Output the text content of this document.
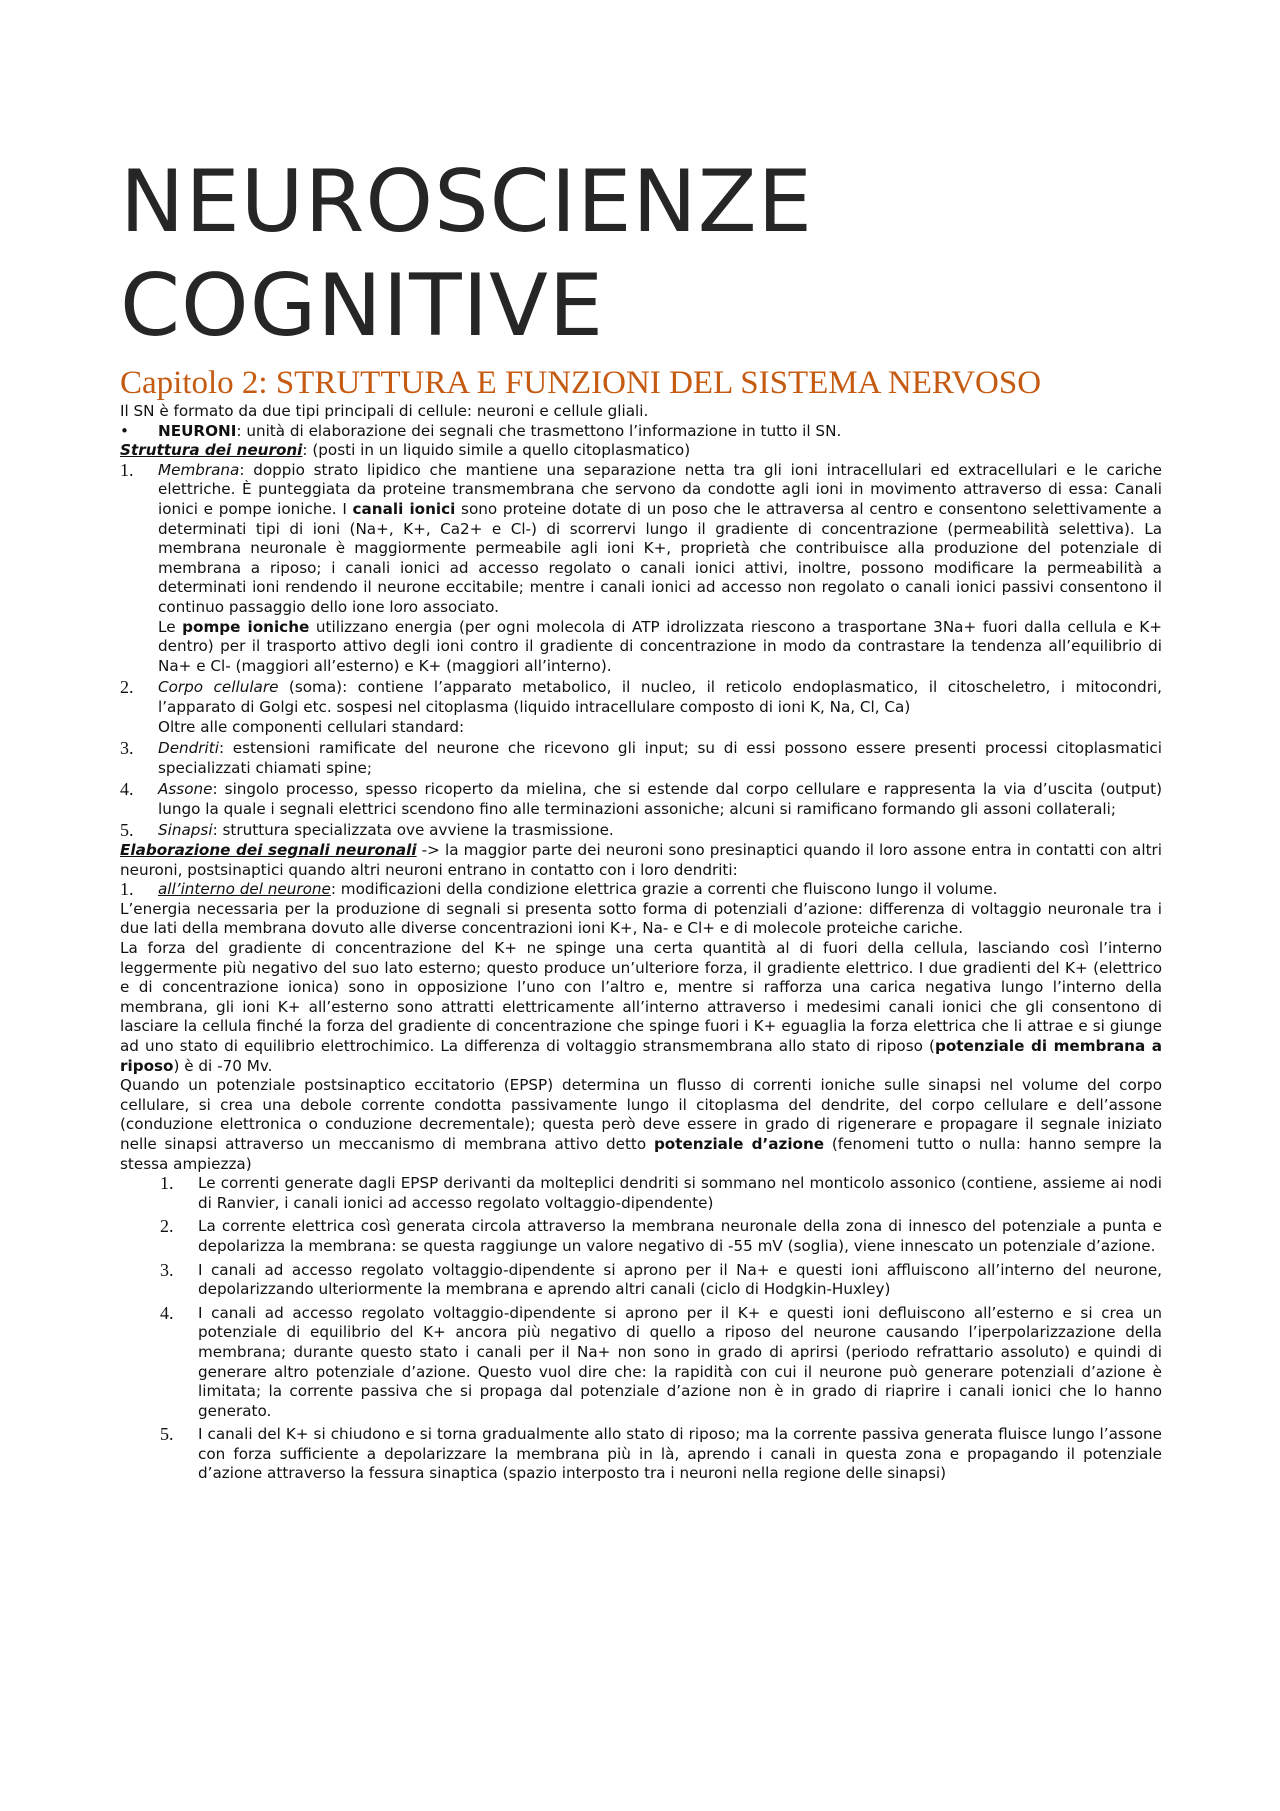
NEUROSCIENZE
COGNITIVE
Capitolo 2: STRUTTURA E FUNZIONI DEL SISTEMA NERVOSO

Il SN è formato da due tipi principali di cellule: neuroni e cellule gliali.

•	NEURONI: unità di elaborazione dei segnali che trasmettono l’informazione in tutto il SN.

Struttura dei neuroni: (posti in un liquido simile a quello citoplasmatico)

1.	Membrana: doppio strato lipidico che mantiene una separazione netta tra gli ioni intracellulari ed extracellulari e le cariche elettriche. È punteggiata da proteine transmembrana che servono da condotte agli ioni in movimento attraverso di essa: Canali ionici e pompe ioniche. I canali ionici sono proteine dotate di un poso che le attraversa al centro e consentono selettivamente a determinati tipi di ioni (Na+, K+, Ca2+ e Cl-) di scorrervi lungo il gradiente di concentrazione (permeabilità selettiva). La membrana neuronale è maggiormente permeabile agli ioni K+, proprietà che contribuisce alla produzione del potenziale di membrana a riposo; i canali ionici ad accesso regolato o canali ionici attivi, inoltre, possono modificare la permeabilità a determinati ioni rendendo il neurone eccitabile; mentre i canali ionici ad accesso non regolato o canali ionici passivi consentono il continuo passaggio dello ione loro associato.

Le pompe ioniche utilizzano energia (per ogni molecola di ATP idrolizzata riescono a trasportane 3Na+ fuori dalla cellula e K+ dentro) per il trasporto attivo degli ioni contro il gradiente di concentrazione in modo da contrastare la tendenza all’equilibrio di Na+ e Cl- (maggiori all’esterno) e K+ (maggiori all’interno).

2.	Corpo cellulare (soma): contiene l’apparato metabolico, il nucleo, il reticolo endoplasmatico, il citoscheletro, i mitocondri, l’apparato di Golgi etc. sospesi nel citoplasma (liquido intracellulare composto di ioni K, Na, Cl, Ca)

Oltre alle componenti cellulari standard:

3.	Dendriti: estensioni ramificate del neurone che ricevono gli input; su di essi possono essere presenti processi citoplasmatici specializzati chiamati spine;

4.	Assone: singolo processo, spesso ricoperto da mielina, che si estende dal corpo cellulare e rappresenta la via d’uscita (output) lungo la quale i segnali elettrici scendono fino alle terminazioni assoniche; alcuni si ramificano formando gli assoni collaterali;

5.	Sinapsi: struttura specializzata ove avviene la trasmissione.

Elaborazione dei segnali neuronali -> la maggior parte dei neuroni sono presinaptici quando il loro assone entra in contatti con altri neuroni, postsinaptici quando altri neuroni entrano in contatto con i loro dendriti:

1.	all’interno del neurone: modificazioni della condizione elettrica grazie a correnti che fluiscono lungo il volume.

L’energia necessaria per la produzione di segnali si presenta sotto forma di potenziali d’azione: differenza di voltaggio neuronale tra i due lati della membrana dovuto alle diverse concentrazioni ioni K+, Na- e Cl+ e di molecole proteiche cariche.

La forza del gradiente di concentrazione del K+ ne spinge una certa quantità al di fuori della cellula, lasciando così l’interno leggermente più negativo del suo lato esterno; questo produce un’ulteriore forza, il gradiente elettrico. I due gradienti del K+ (elettrico e di concentrazione ionica) sono in opposizione l’uno con l’altro e, mentre si rafforza una carica negativa lungo l’interno della membrana, gli ioni K+ all’esterno sono attratti elettricamente all’interno attraverso i medesimi canali ionici che gli consentono di lasciare la cellula finché la forza del gradiente di concentrazione che spinge fuori i K+ eguaglia la forza elettrica che li attrae e si giunge ad uno stato di equilibrio elettrochimico. La differenza di voltaggio stransmembrana allo stato di riposo (potenziale di membrana a riposo) è di -70 Mv.

Quando un potenziale postsinaptico eccitatorio (EPSP) determina un flusso di correnti ioniche sulle sinapsi nel volume del corpo cellulare, si crea una debole corrente condotta passivamente lungo il citoplasma del dendrite, del corpo cellulare e dell’assone (conduzione elettronica o conduzione decrementale); questa però deve essere in grado di rigenerare e propagare il segnale iniziato nelle sinapsi attraverso un meccanismo di membrana attivo detto potenziale d’azione (fenomeni tutto o nulla: hanno sempre la stessa ampiezza)

1.	Le correnti generate dagli EPSP derivanti da molteplici dendriti si sommano nel monticolo assonico (contiene, assieme ai nodi di Ranvier, i canali ionici ad accesso regolato voltaggio-dipendente)

2.	La corrente elettrica così generata circola attraverso la membrana neuronale della zona di innesco del potenziale a punta e depolarizza la membrana: se questa raggiunge un valore negativo di -55 mV (soglia), viene innescato un potenziale d’azione.

3.	I canali ad accesso regolato voltaggio-dipendente si aprono per il Na+ e questi ioni affluiscono all’interno del neurone, depolarizzando ulteriormente la membrana e aprendo altri canali (ciclo di Hodgkin-Huxley)

4.	I canali ad accesso regolato voltaggio-dipendente si aprono per il K+ e questi ioni defluiscono all’esterno e si crea un potenziale di equilibrio del K+ ancora più negativo di quello a riposo del neurone causando l’iperpolarizzazione della membrana; durante questo stato i canali per il Na+ non sono in grado di aprirsi (periodo refrattario assoluto) e quindi di generare altro potenziale d’azione. Questo vuol dire che: la rapidità con cui il neurone può generare potenziali d’azione è limitata; la corrente passiva che si propaga dal potenziale d’azione non è in grado di riaprire i canali ionici che lo hanno generato.

5.	I canali del K+ si chiudono e si torna gradualmente allo stato di riposo; ma la corrente passiva generata fluisce lungo l’assone con forza sufficiente a depolarizzare la membrana più in là, aprendo i canali in questa zona e propagando il potenziale d’azione attraverso la fessura sinaptica (spazio interposto tra i neuroni nella regione delle sinapsi)
